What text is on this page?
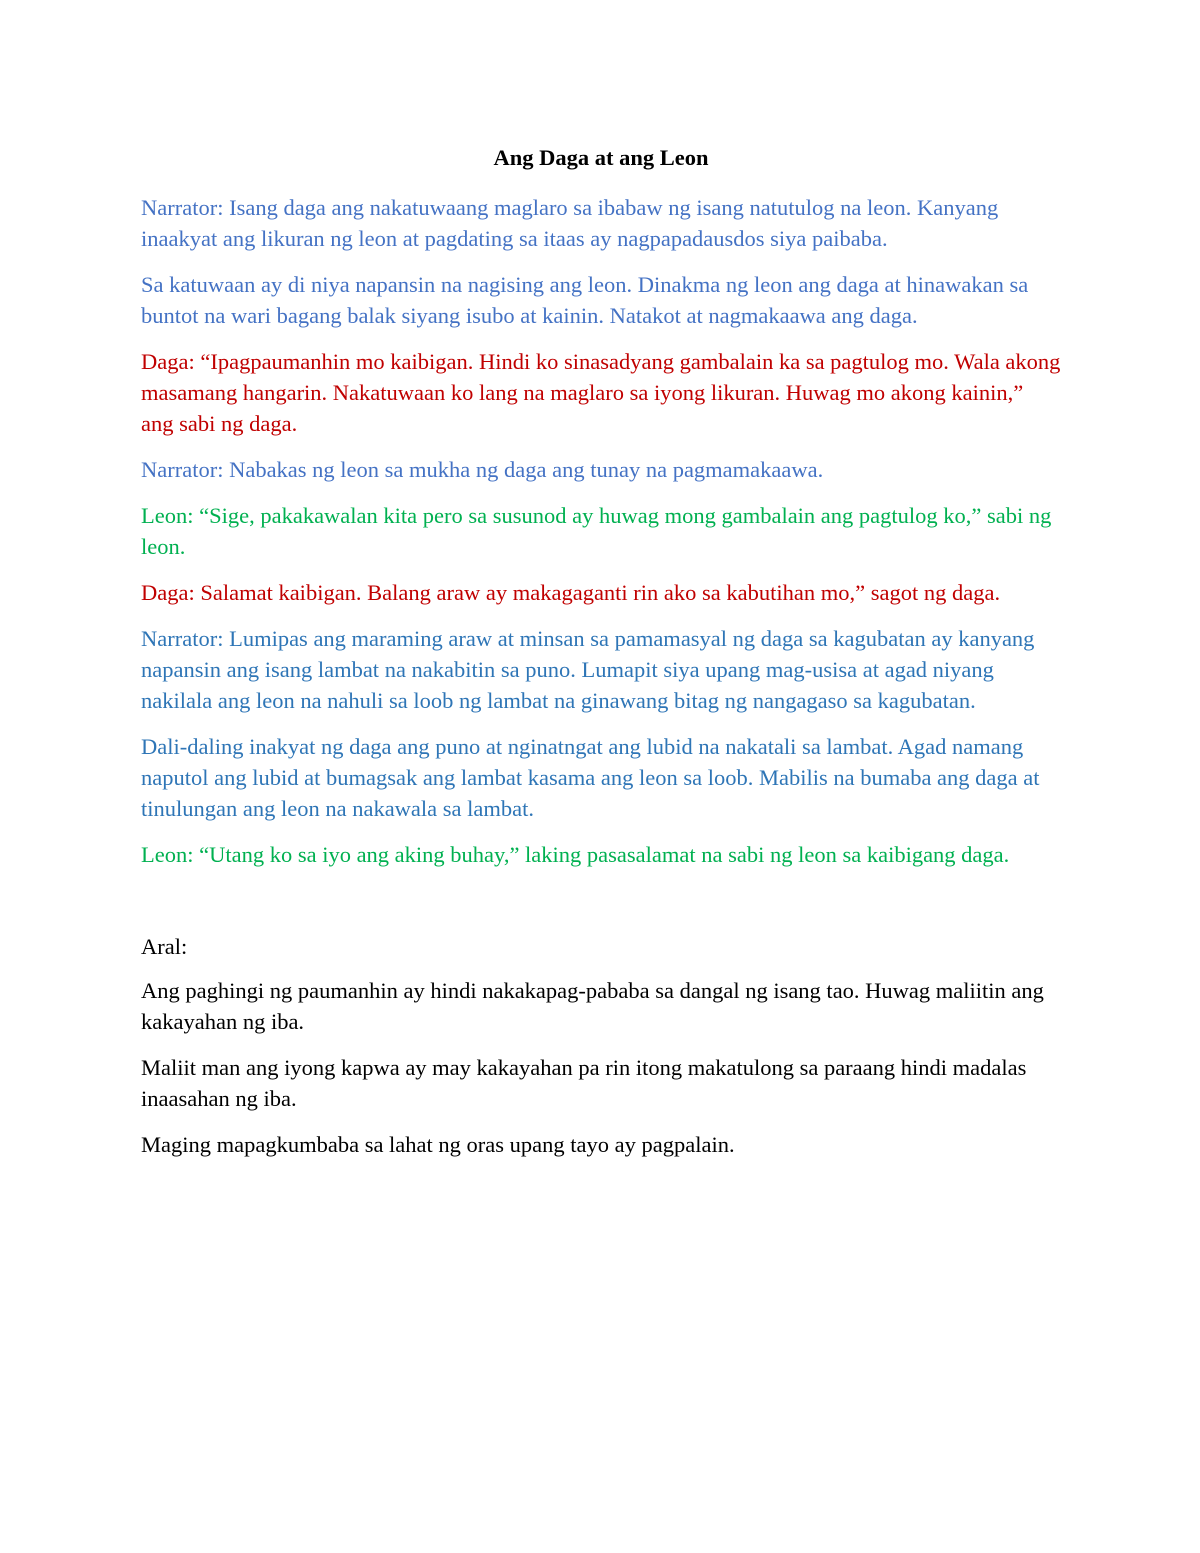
Ang Daga at ang Leon

Narrator: Isang daga ang nakatuwaang maglaro sa ibabaw ng isang natutulog na leon. Kanyang inaakyat ang likuran ng leon at pagdating sa itaas ay nagpapadausdos siya paibaba.

Sa katuwaan ay di niya napansin na nagising ang leon. Dinakma ng leon ang daga at hinawakan sa buntot na wari bagang balak siyang isubo at kainin. Natakot at nagmakaawa ang daga.

Daga: “Ipagpaumanhin mo kaibigan. Hindi ko sinasadyang gambalain ka sa pagtulog mo. Wala akong masamang hangarin. Nakatuwaan ko lang na maglaro sa iyong likuran. Huwag mo akong kainin,” ang sabi ng daga.

Narrator: Nabakas ng leon sa mukha ng daga ang tunay na pagmamakaawa.

Leon: “Sige, pakakawalan kita pero sa susunod ay huwag mong gambalain ang pagtulog ko,” sabi ng leon.

Daga: Salamat kaibigan. Balang araw ay makagaganti rin ako sa kabutihan mo,” sagot ng daga.

Narrator: Lumipas ang maraming araw at minsan sa pamamasyal ng daga sa kagubatan ay kanyang napansin ang isang lambat na nakabitin sa puno. Lumapit siya upang mag-usisa at agad niyang nakilala ang leon na nahuli sa loob ng lambat na ginawang bitag ng nangagaso sa kagubatan.

Dali-daling inakyat ng daga ang puno at nginatngat ang lubid na nakatali sa lambat. Agad namang naputol ang lubid at bumagsak ang lambat kasama ang leon sa loob. Mabilis na bumaba ang daga at tinulungan ang leon na nakawala sa lambat.

Leon: “Utang ko sa iyo ang aking buhay,” laking pasasalamat na sabi ng leon sa kaibigang daga.

Aral:

Ang paghingi ng paumanhin ay hindi nakakapag-pababa sa dangal ng isang tao. Huwag maliitin ang kakayahan ng iba.

Maliit man ang iyong kapwa ay may kakayahan pa rin itong makatulong sa paraang hindi madalas inaasahan ng iba.

Maging mapagkumbaba sa lahat ng oras upang tayo ay pagpalain.
